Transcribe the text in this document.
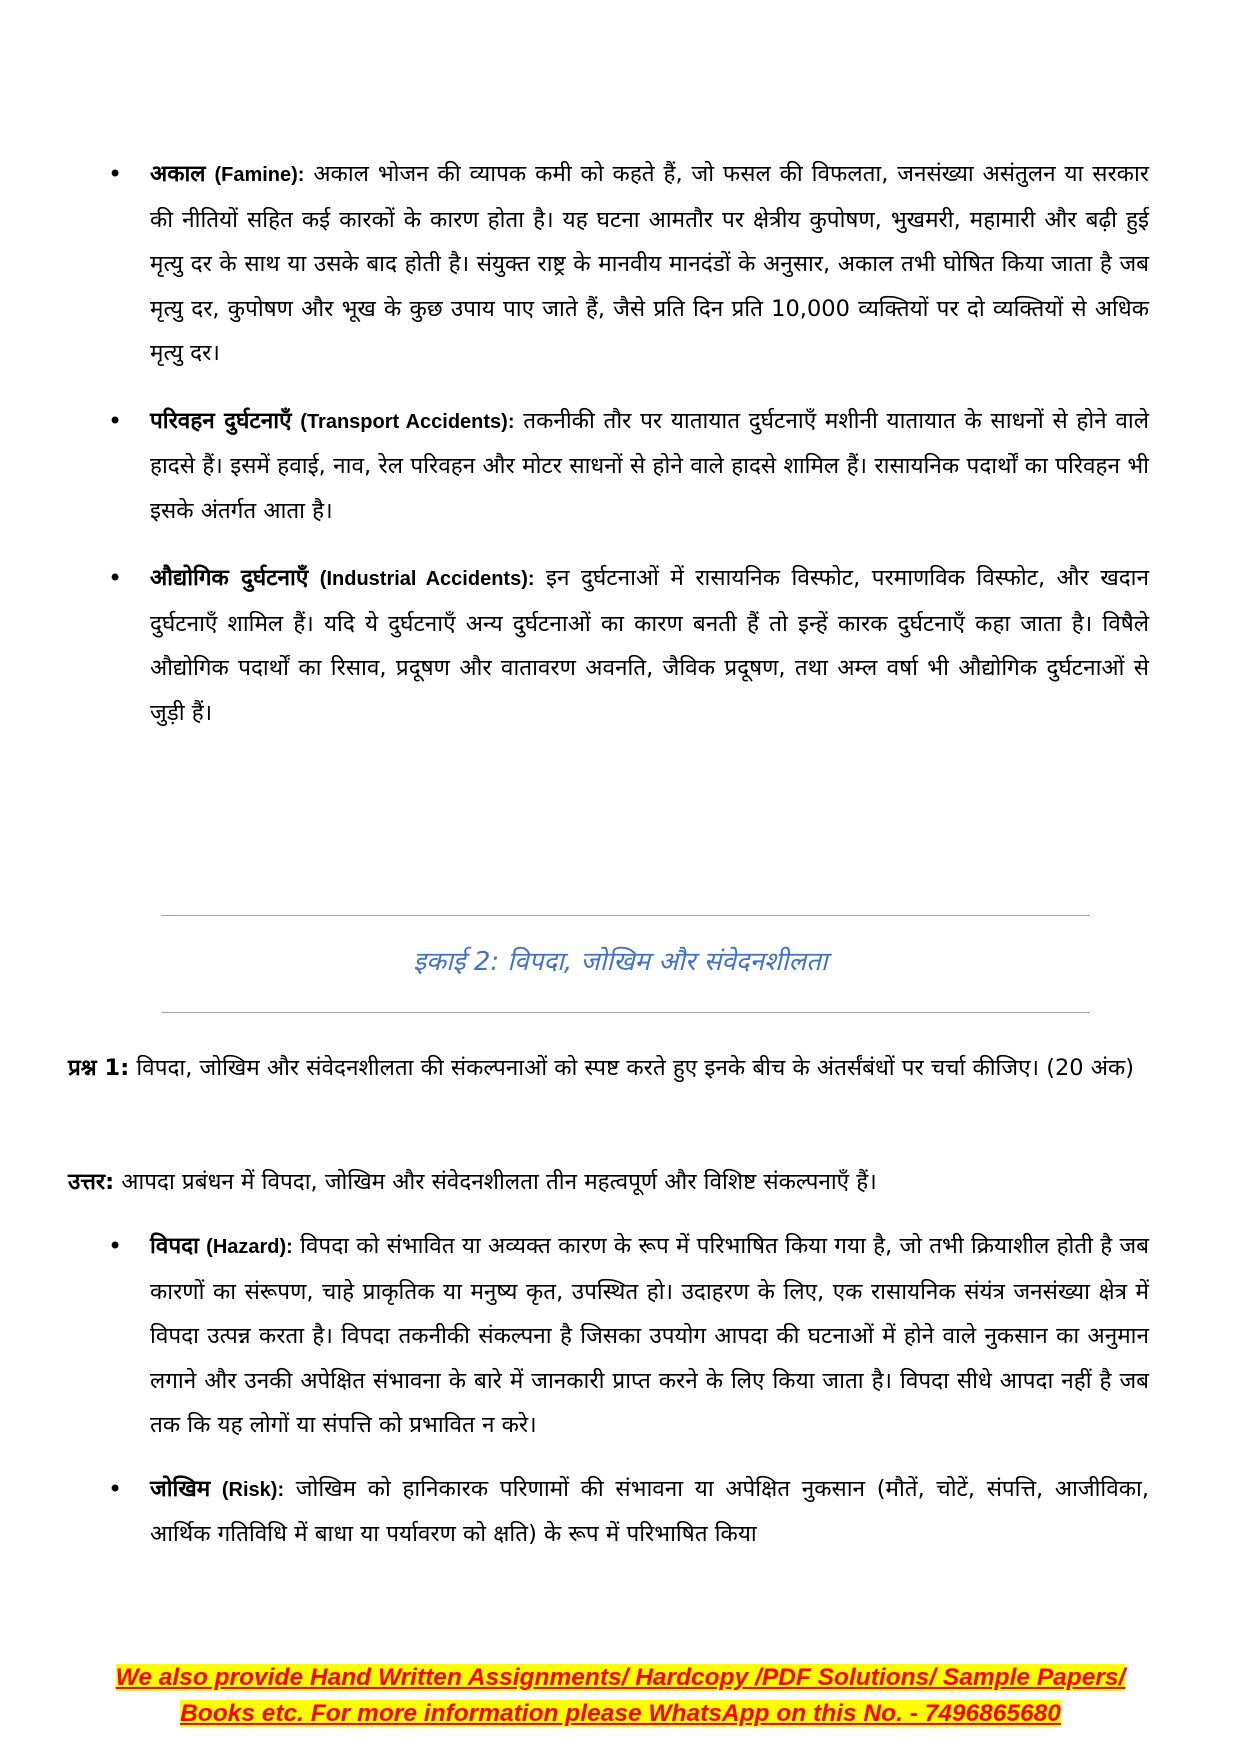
• अकाल (Famine): अकाल भोजन की व्यापक कमी को कहते हैं, जो फसल की विफलता, जनसंख्या असंतुलन या सरकार की नीतियों सहित कई कारकों के कारण होता है। यह घटना आमतौर पर क्षेत्रीय कुपोषण, भुखमरी, महामारी और बढ़ी हुई मृत्यु दर के साथ या उसके बाद होती है। संयुक्त राष्ट्र के मानवीय मानदंडों के अनुसार, अकाल तभी घोषित किया जाता है जब मृत्यु दर, कुपोषण और भूख के कुछ उपाय पाए जाते हैं, जैसे प्रति दिन प्रति 10,000 व्यक्तियों पर दो व्यक्तियों से अधिक मृत्यु दर।

• परिवहन दुर्घटनाएँ (Transport Accidents): तकनीकी तौर पर यातायात दुर्घटनाएँ मशीनी यातायात के साधनों से होने वाले हादसे हैं। इसमें हवाई, नाव, रेल परिवहन और मोटर साधनों से होने वाले हादसे शामिल हैं। रासायनिक पदार्थों का परिवहन भी इसके अंतर्गत आता है।

• औद्योगिक दुर्घटनाएँ (Industrial Accidents): इन दुर्घटनाओं में रासायनिक विस्फोट, परमाणविक विस्फोट, और खदान दुर्घटनाएँ शामिल हैं। यदि ये दुर्घटनाएँ अन्य दुर्घटनाओं का कारण बनती हैं तो इन्हें कारक दुर्घटनाएँ कहा जाता है। विषैले औद्योगिक पदार्थों का रिसाव, प्रदूषण और वातावरण अवनति, जैविक प्रदूषण, तथा अम्ल वर्षा भी औद्योगिक दुर्घटनाओं से जुड़ी हैं।

इकाई 2: विपदा, जोखिम और संवेदनशीलता

प्रश्न 1: विपदा, जोखिम और संवेदनशीलता की संकल्पनाओं को स्पष्ट करते हुए इनके बीच के अंतर्संबंधों पर चर्चा कीजिए। (20 अंक)

उत्तर: आपदा प्रबंधन में विपदा, जोखिम और संवेदनशीलता तीन महत्वपूर्ण और विशिष्ट संकल्पनाएँ हैं।

• विपदा (Hazard): विपदा को संभावित या अव्यक्त कारण के रूप में परिभाषित किया गया है, जो तभी क्रियाशील होती है जब कारणों का संरूपण, चाहे प्राकृतिक या मनुष्य कृत, उपस्थित हो। उदाहरण के लिए, एक रासायनिक संयंत्र जनसंख्या क्षेत्र में विपदा उत्पन्न करता है। विपदा तकनीकी संकल्पना है जिसका उपयोग आपदा की घटनाओं में होने वाले नुकसान का अनुमान लगाने और उनकी अपेक्षित संभावना के बारे में जानकारी प्राप्त करने के लिए किया जाता है। विपदा सीधे आपदा नहीं है जब तक कि यह लोगों या संपत्ति को प्रभावित न करे।

• जोखिम (Risk): जोखिम को हानिकारक परिणामों की संभावना या अपेक्षित नुकसान (मौतें, चोटें, संपत्ति, आजीविका, आर्थिक गतिविधि में बाधा या पर्यावरण को क्षति) के रूप में परिभाषित किया

We also provide Hand Written Assignments/ Hardcopy /PDF Solutions/ Sample Papers/
Books etc. For more information please WhatsApp on this No. - 7496865680
